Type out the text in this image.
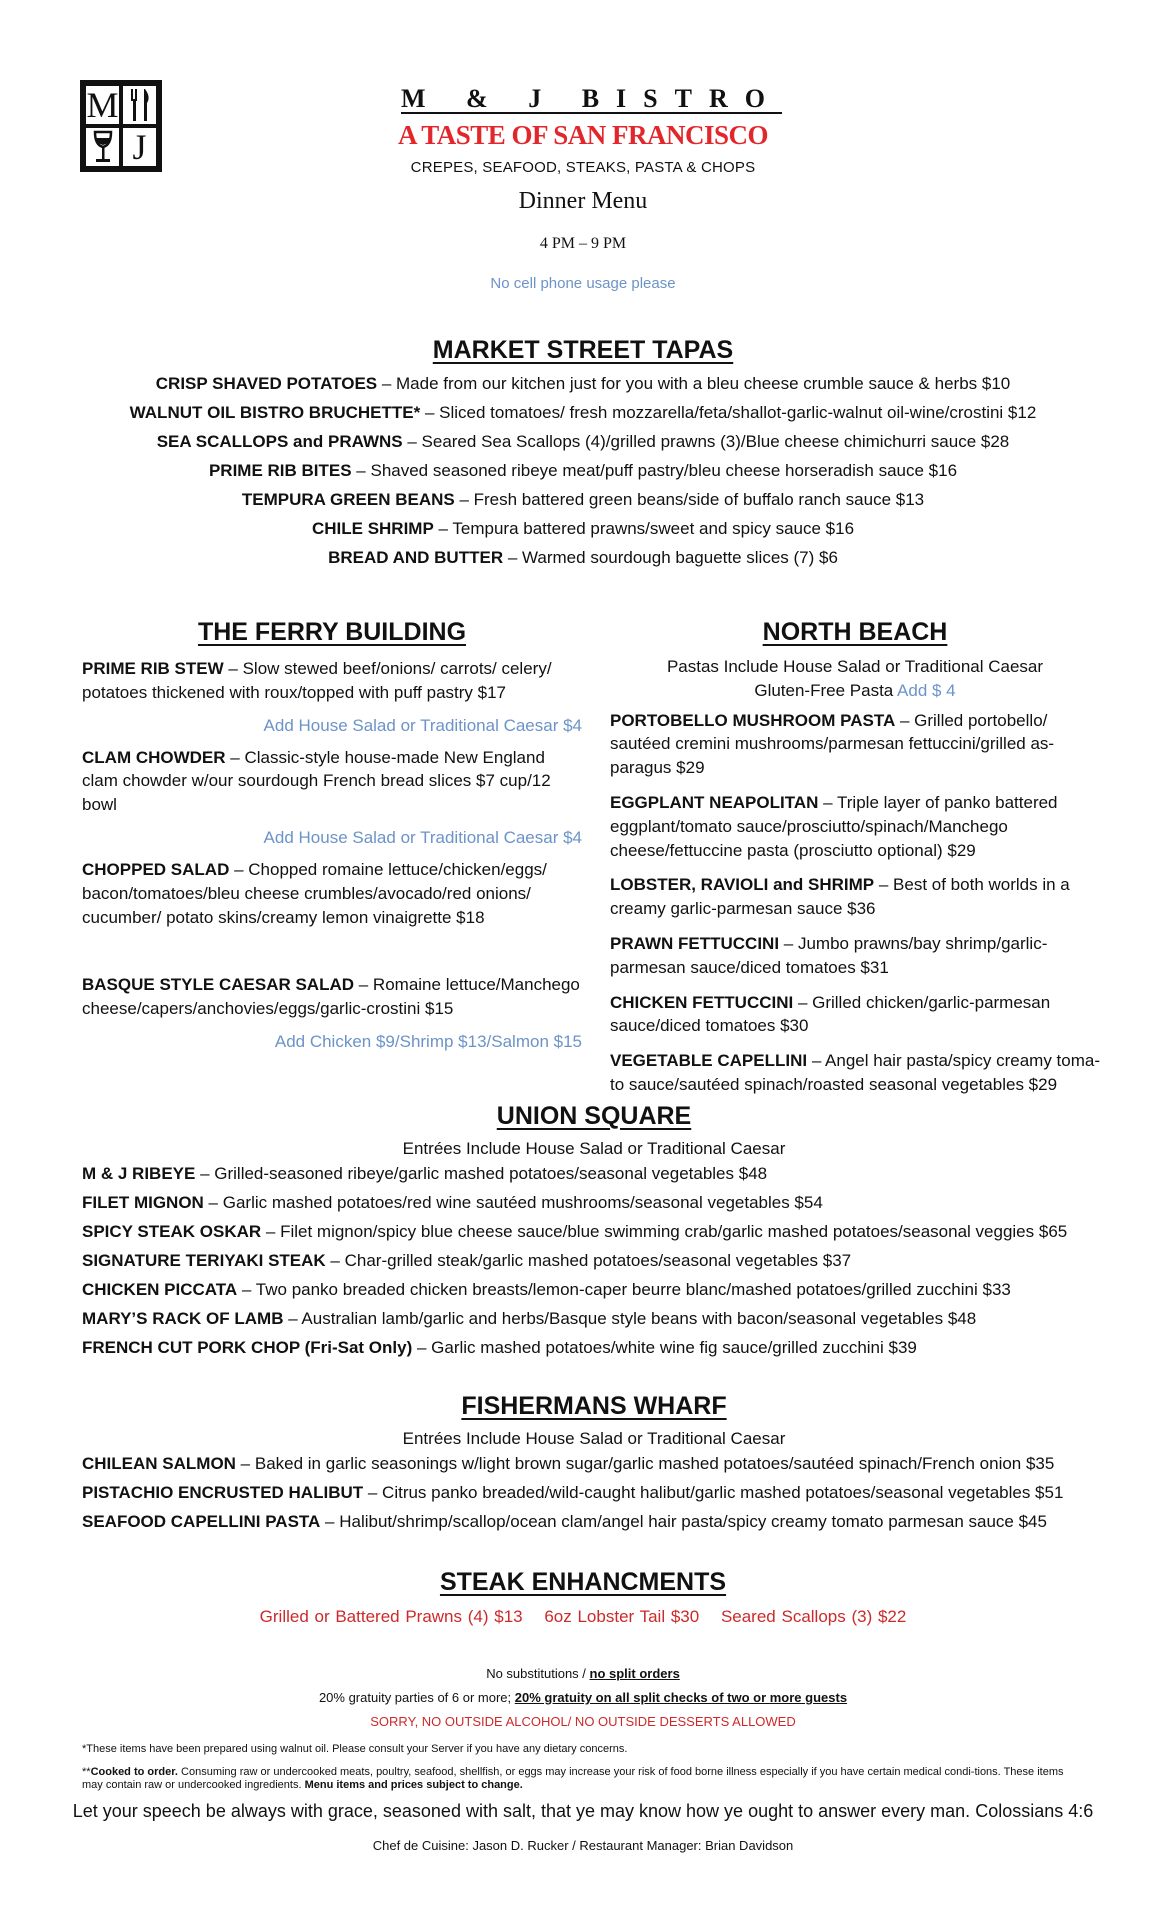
M
J
M & J BISTRO
A TASTE OF SAN FRANCISCO
CREPES, SEAFOOD, STEAKS, PASTA & CHOPS
Dinner Menu
4 PM – 9 PM
No cell phone usage please
MARKET STREET TAPAS
CRISP SHAVED POTATOES – Made from our kitchen just for you with a bleu cheese crumble sauce & herbs $10
WALNUT OIL BISTRO BRUCHETTE* – Sliced tomatoes/ fresh mozzarella/feta/shallot-garlic-walnut oil-wine/crostini $12
SEA SCALLOPS and PRAWNS – Seared Sea Scallops (4)/grilled prawns (3)/Blue cheese chimichurri sauce $28
PRIME RIB BITES – Shaved seasoned ribeye meat/puff pastry/bleu cheese horseradish sauce $16
TEMPURA GREEN BEANS – Fresh battered green beans/side of buffalo ranch sauce $13
CHILE SHRIMP – Tempura battered prawns/sweet and spicy sauce $16
BREAD AND BUTTER – Warmed sourdough baguette slices (7) $6
THE FERRY BUILDING
PRIME RIB STEW – Slow stewed beef/onions/ carrots/ celery/ potatoes thickened with roux/topped with puff pastry $17
Add House Salad or Traditional Caesar $4
CLAM CHOWDER – Classic-style house-made New England clam chowder w/our sourdough French bread slices $7 cup/12 bowl
Add House Salad or Traditional Caesar $4
CHOPPED SALAD – Chopped romaine lettuce/chicken/eggs/ bacon/tomatoes/bleu cheese crumbles/avocado/red onions/ cucumber/ potato skins/creamy lemon vinaigrette $18
BASQUE STYLE CAESAR SALAD – Romaine lettuce/Manchego cheese/capers/anchovies/eggs/garlic-crostini $15
Add Chicken $9/Shrimp $13/Salmon $15
NORTH BEACH
Pastas Include House Salad or Traditional Caesar
Gluten-Free Pasta Add $ 4
PORTOBELLO MUSHROOM PASTA – Grilled portobello/ sautéed cremini mushrooms/parmesan fettuccini/grilled as-paragus $29
EGGPLANT NEAPOLITAN – Triple layer of panko battered eggplant/tomato sauce/prosciutto/spinach/Manchego cheese/fettuccine pasta (prosciutto optional) $29
LOBSTER, RAVIOLI and SHRIMP – Best of both worlds in a creamy garlic-parmesan sauce $36
PRAWN FETTUCCINI – Jumbo prawns/bay shrimp/garlic-parmesan sauce/diced tomatoes $31
CHICKEN FETTUCCINI – Grilled chicken/garlic-parmesan sauce/diced tomatoes $30
VEGETABLE CAPELLINI – Angel hair pasta/spicy creamy toma-to sauce/sautéed spinach/roasted seasonal vegetables $29
UNION SQUARE
Entrées Include House Salad or Traditional Caesar
M & J RIBEYE – Grilled-seasoned ribeye/garlic mashed potatoes/seasonal vegetables $48
FILET MIGNON – Garlic mashed potatoes/red wine sautéed mushrooms/seasonal vegetables $54
SPICY STEAK OSKAR – Filet mignon/spicy blue cheese sauce/blue swimming crab/garlic mashed potatoes/seasonal veggies $65
SIGNATURE TERIYAKI STEAK – Char-grilled steak/garlic mashed potatoes/seasonal vegetables $37
CHICKEN PICCATA – Two panko breaded chicken breasts/lemon-caper beurre blanc/mashed potatoes/grilled zucchini $33
MARY’S RACK OF LAMB – Australian lamb/garlic and herbs/Basque style beans with bacon/seasonal vegetables $48
FRENCH CUT PORK CHOP (Fri-Sat Only) – Garlic mashed potatoes/white wine fig sauce/grilled zucchini $39
FISHERMANS WHARF
Entrées Include House Salad or Traditional Caesar
CHILEAN SALMON – Baked in garlic seasonings w/light brown sugar/garlic mashed potatoes/sautéed spinach/French onion $35
PISTACHIO ENCRUSTED HALIBUT – Citrus panko breaded/wild-caught halibut/garlic mashed potatoes/seasonal vegetables $51
SEAFOOD CAPELLINI PASTA – Halibut/shrimp/scallop/ocean clam/angel hair pasta/spicy creamy tomato parmesan sauce $45
STEAK ENHANCMENTS
Grilled or Battered Prawns (4) $13 6oz Lobster Tail $30 Seared Scallops (3) $22
No substitutions / no split orders
20% gratuity parties of 6 or more; 20% gratuity on all split checks of two or more guests
SORRY, NO OUTSIDE ALCOHOL/ NO OUTSIDE DESSERTS ALLOWED
*These items have been prepared using walnut oil. Please consult your Server if you have any dietary concerns.
**Cooked to order. Consuming raw or undercooked meats, poultry, seafood, shellfish, or eggs may increase your risk of food borne illness especially if you have certain medical condi-tions. These items may contain raw or undercooked ingredients. Menu items and prices subject to change.
Let your speech be always with grace, seasoned with salt, that ye may know how ye ought to answer every man. Colossians 4:6
Chef de Cuisine: Jason D. Rucker / Restaurant Manager: Brian Davidson
